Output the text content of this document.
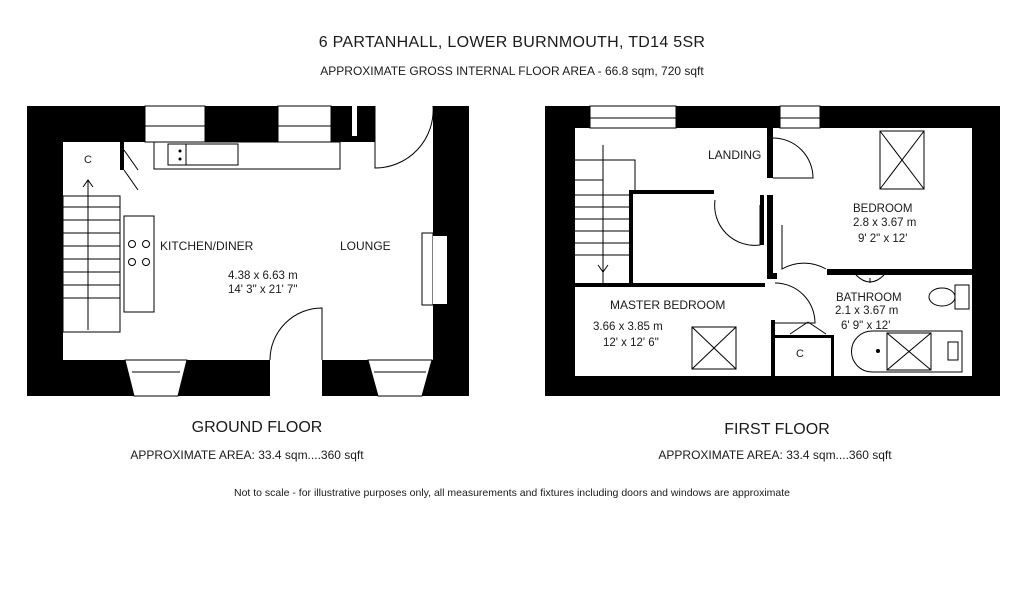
6 PARTANHALL, LOWER BURNMOUTH, TD14 5SR
APPROXIMATE GROSS INTERNAL FLOOR AREA - 66.8 sqm, 720 sqft
C
KITCHEN/DINER	LOUNGE
4.38 x 6.63 m
14' 3" x 21' 7"
LANDING
BEDROOM
2.8 x 3.67 m
9' 2" x 12'
MASTER BEDROOM
3.66 x 3.85 m
12' x 12' 6"
BATHROOM
2.1 x 3.67 m
6' 9" x 12'
C
GROUND FLOOR
APPROXIMATE AREA: 33.4 sqm....360 sqft
FIRST FLOOR
APPROXIMATE AREA: 33.4 sqm....360 sqft
Not to scale - for illustrative purposes only, all measurements and fixtures including doors and windows are approximate
